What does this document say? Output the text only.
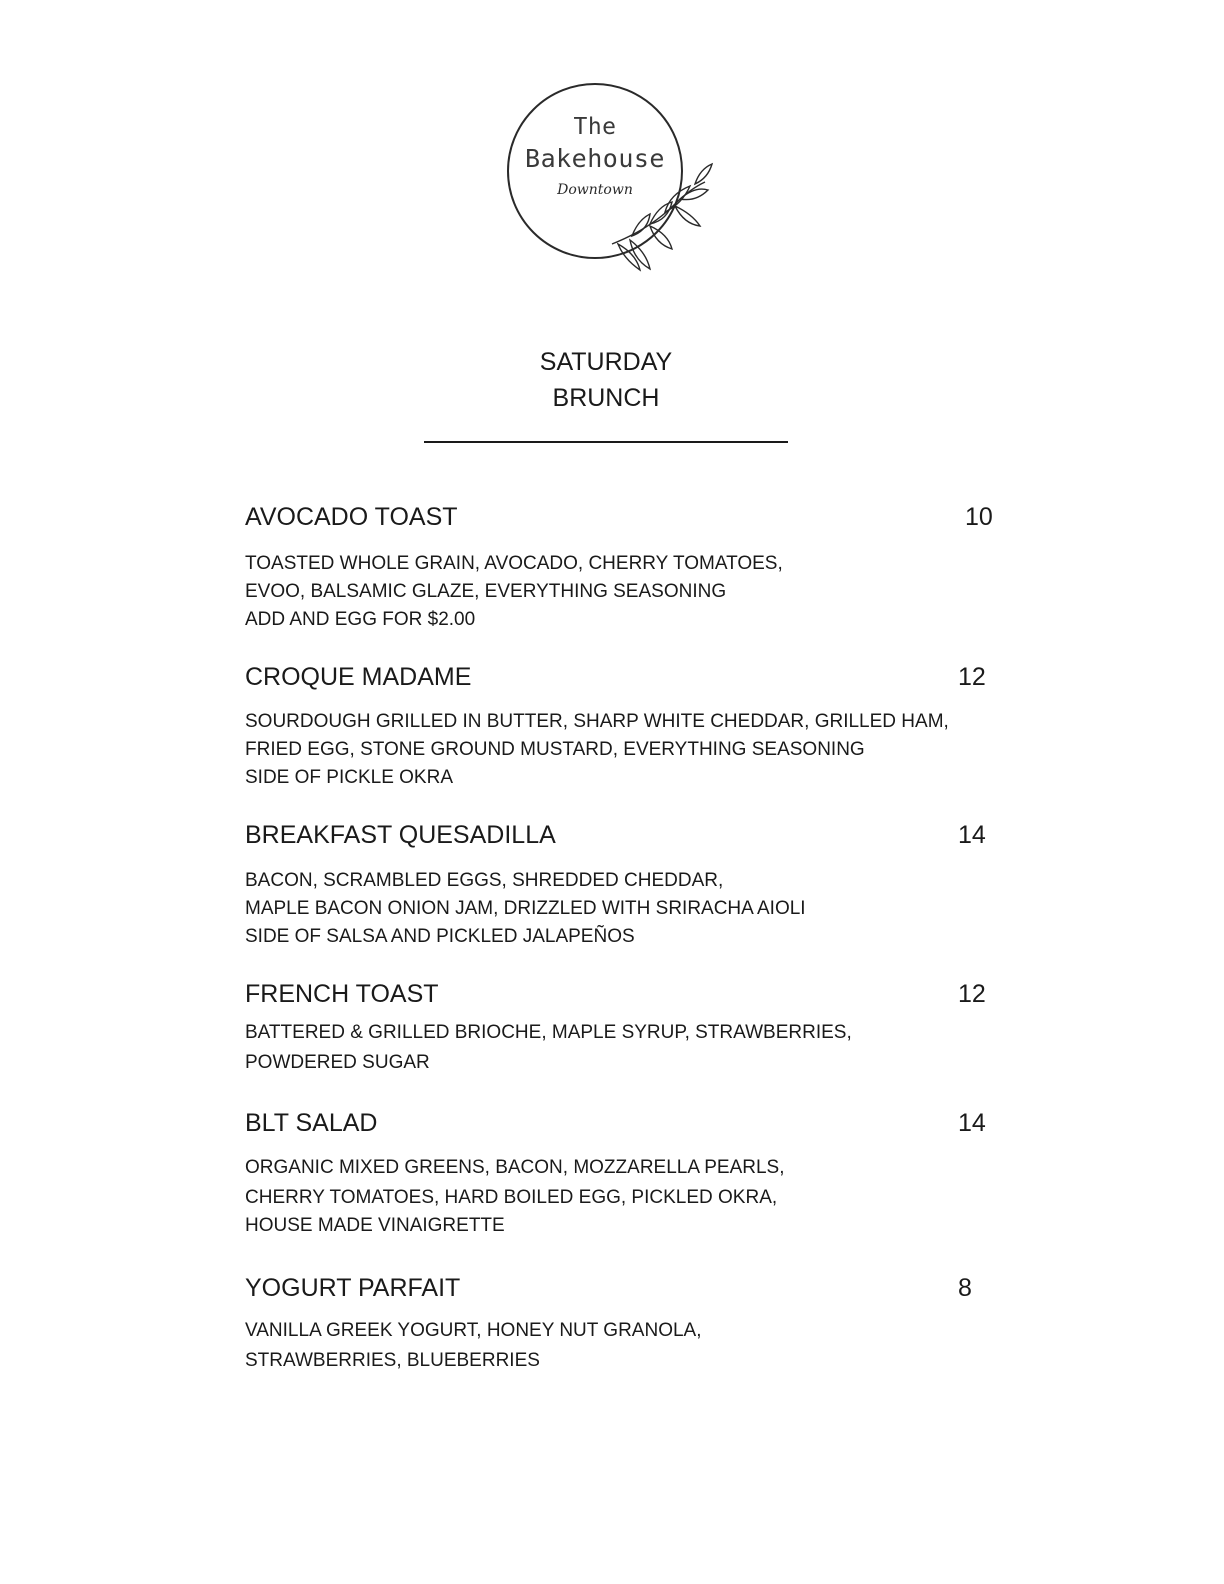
The
Bakehouse
Downtown
SATURDAY
BRUNCH
AVOCADO TOAST	10
TOASTED WHOLE GRAIN, AVOCADO, CHERRY TOMATOES,
EVOO, BALSAMIC GLAZE, EVERYTHING SEASONING
ADD AND EGG FOR $2.00
CROQUE MADAME	12
SOURDOUGH GRILLED IN BUTTER, SHARP WHITE CHEDDAR, GRILLED HAM,
FRIED EGG, STONE GROUND MUSTARD, EVERYTHING SEASONING
SIDE OF PICKLE OKRA
BREAKFAST QUESADILLA	14
BACON, SCRAMBLED EGGS, SHREDDED CHEDDAR,
MAPLE BACON ONION JAM, DRIZZLED WITH SRIRACHA AIOLI
SIDE OF SALSA AND PICKLED JALAPEÑOS
FRENCH TOAST	12
BATTERED & GRILLED BRIOCHE, MAPLE SYRUP, STRAWBERRIES,
POWDERED SUGAR
BLT SALAD	14
ORGANIC MIXED GREENS, BACON, MOZZARELLA PEARLS,
CHERRY TOMATOES, HARD BOILED EGG, PICKLED OKRA,
HOUSE MADE VINAIGRETTE
YOGURT PARFAIT	8
VANILLA GREEK YOGURT, HONEY NUT GRANOLA,
STRAWBERRIES, BLUEBERRIES
